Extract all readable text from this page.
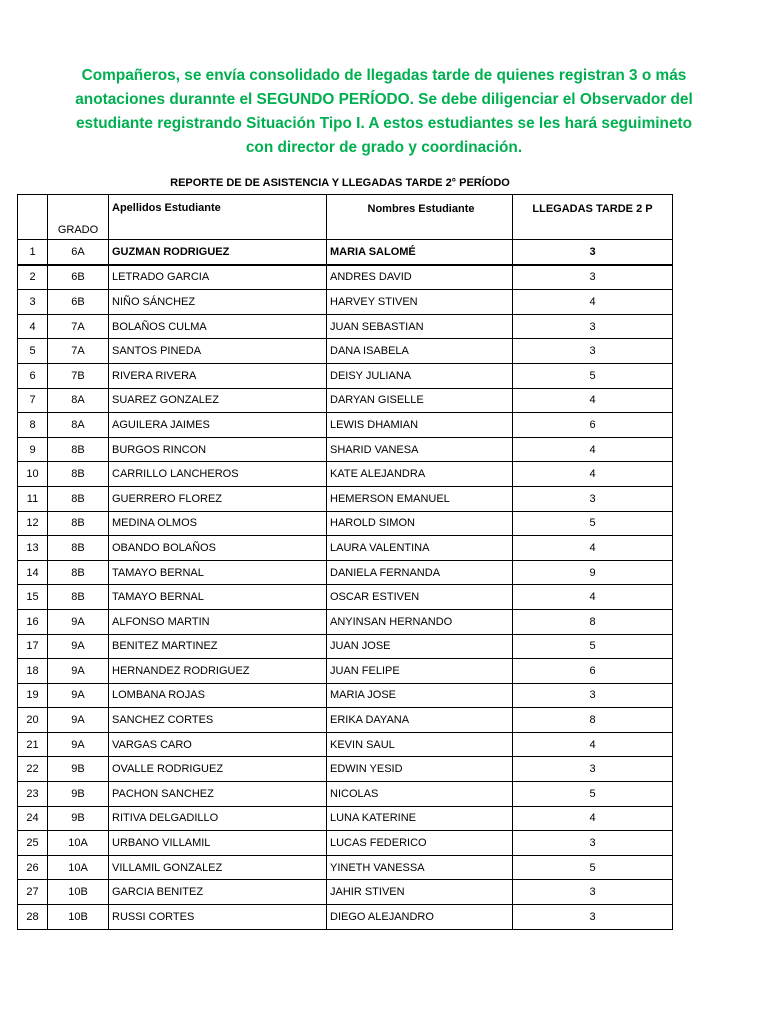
Compañeros, se envía consolidado de llegadas tarde de quienes registran 3 o más
anotaciones durannte el SEGUNDO PERÍODO. Se debe diligenciar el Observador del
estudiante registrando Situación Tipo I. A estos estudiantes se les hará seguimineto
con director de grado y coordinación.
REPORTE DE DE ASISTENCIA Y LLEGADAS TARDE 2° PERÍODO
	GRADO	Apellidos Estudiante	Nombres Estudiante	LLEGADAS TARDE 2 P
1	6A	GUZMAN RODRIGUEZ	MARIA SALOMÉ	3
2	6B	LETRADO GARCIA	ANDRES DAVID	3
3	6B	NIÑO SÁNCHEZ	HARVEY STIVEN	4
4	7A	BOLAÑOS CULMA	JUAN SEBASTIAN	3
5	7A	SANTOS PINEDA	DANA ISABELA	3
6	7B	RIVERA RIVERA	DEISY JULIANA	5
7	8A	SUAREZ GONZALEZ	DARYAN GISELLE	4
8	8A	AGUILERA JAIMES	LEWIS DHAMIAN	6
9	8B	BURGOS RINCON	SHARID VANESA	4
10	8B	CARRILLO LANCHEROS	KATE ALEJANDRA	4
11	8B	GUERRERO FLOREZ	HEMERSON EMANUEL	3
12	8B	MEDINA OLMOS	HAROLD SIMON	5
13	8B	OBANDO BOLAÑOS	LAURA VALENTINA	4
14	8B	TAMAYO BERNAL	DANIELA FERNANDA	9
15	8B	TAMAYO BERNAL	OSCAR ESTIVEN	4
16	9A	ALFONSO MARTIN	ANYINSAN HERNANDO	8
17	9A	BENITEZ MARTINEZ	JUAN JOSE	5
18	9A	HERNANDEZ RODRIGUEZ	JUAN FELIPE	6
19	9A	LOMBANA ROJAS	MARIA JOSE	3
20	9A	SANCHEZ CORTES	ERIKA DAYANA	8
21	9A	VARGAS CARO	KEVIN SAUL	4
22	9B	OVALLE RODRIGUEZ	EDWIN YESID	3
23	9B	PACHON SANCHEZ	NICOLAS	5
24	9B	RITIVA DELGADILLO	LUNA KATERINE	4
25	10A	URBANO VILLAMIL	LUCAS FEDERICO	3
26	10A	VILLAMIL GONZALEZ	YINETH VANESSA	5
27	10B	GARCIA BENITEZ	JAHIR STIVEN	3
28	10B	RUSSI CORTES	DIEGO ALEJANDRO	3
